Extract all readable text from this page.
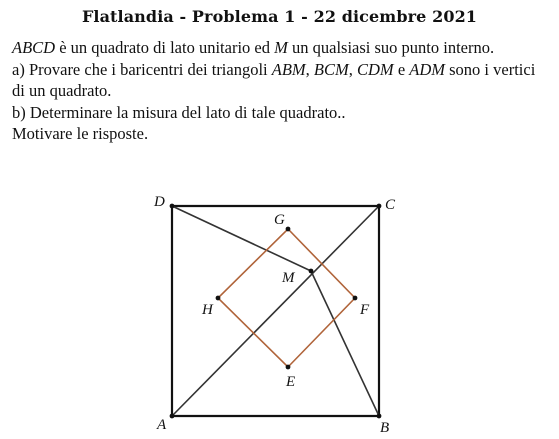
Flatlandia - Problema 1 - 22 dicembre 2021

ABCD è un quadrato di lato unitario ed M un qualsiasi suo punto interno.

a) Provare che i baricentri dei triangoli ABM, BCM, CDM e ADM sono i vertici di un quadrato.

b) Determinare la misura del lato di tale quadrato..

Motivare le risposte.

A	B
C
D
M
E
F
G
H
